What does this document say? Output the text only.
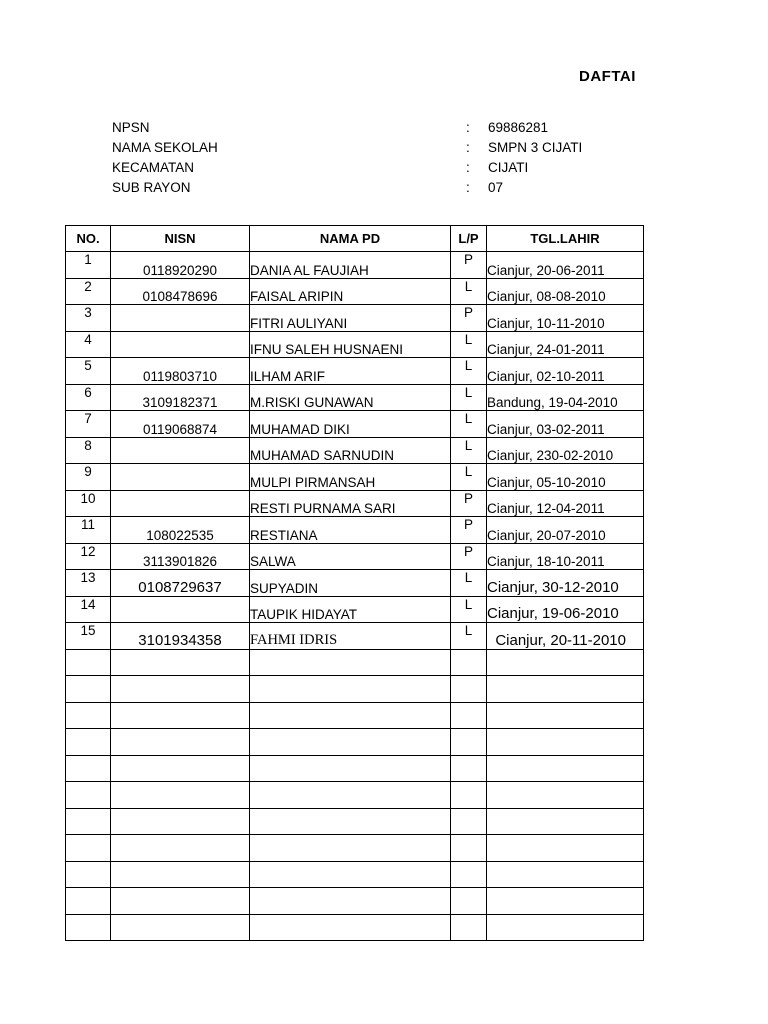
DAFTAI
NPSN	: 69886281
NAMA SEKOLAH	: SMPN 3 CIJATI
KECAMATAN	: CIJATI
SUB RAYON	: 07
NO.	NISN	NAMA PD	L/P	TGL.LAHIR
1	0118920290	DANIA AL FAUJIAH	P	Cianjur, 20-06-2011
2	0108478696	FAISAL ARIPIN	L	Cianjur, 08-08-2010
3		FITRI AULIYANI	P	Cianjur, 10-11-2010
4		IFNU SALEH HUSNAENI	L	Cianjur, 24-01-2011
5	0119803710	ILHAM ARIF	L	Cianjur, 02-10-2011
6	3109182371	M.RISKI GUNAWAN	L	Bandung, 19-04-2010
7	0119068874	MUHAMAD DIKI	L	Cianjur, 03-02-2011
8		MUHAMAD SARNUDIN	L	Cianjur, 230-02-2010
9		MULPI PIRMANSAH	L	Cianjur, 05-10-2010
10		RESTI PURNAMA SARI	P	Cianjur, 12-04-2011
11	108022535	RESTIANA	P	Cianjur, 20-07-2010
12	3113901826	SALWA	P	Cianjur, 18-10-2011
13	0108729637	SUPYADIN	L	Cianjur, 30-12-2010
14		TAUPIK HIDAYAT	L	Cianjur, 19-06-2010
15	3101934358	FAHMI IDRIS	L	Cianjur, 20-11-2010
